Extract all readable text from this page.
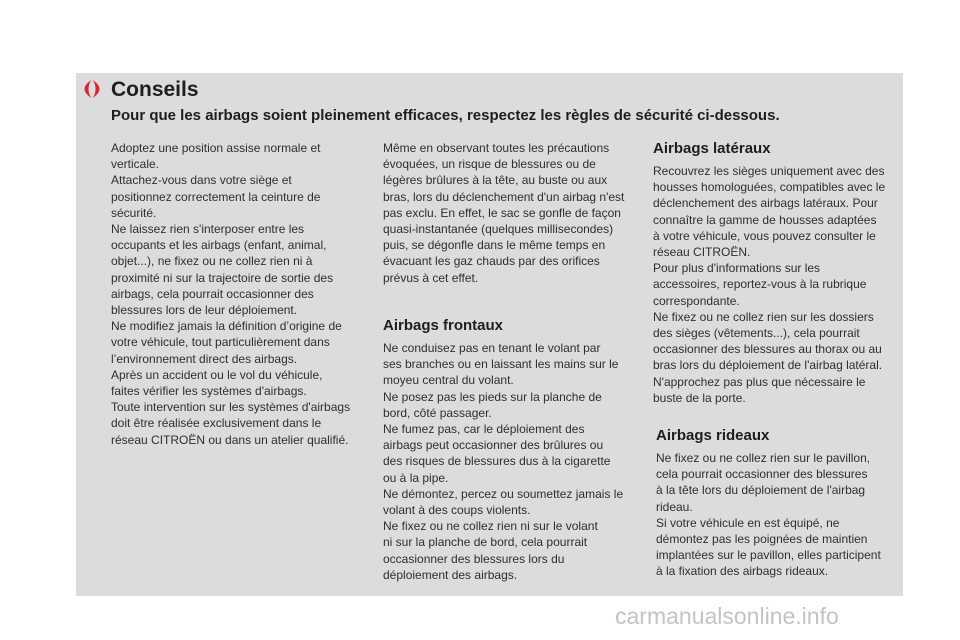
Conseils
Pour que les airbags soient pleinement efficaces, respectez les règles de sécurité ci-dessous.

Adoptez une position assise normale et

verticale.

Attachez-vous dans votre siège et

positionnez correctement la ceinture de

sécurité.

Ne laissez rien s'interposer entre les

occupants et les airbags (enfant, animal,

objet...), ne fixez ou ne collez rien ni à

proximité ni sur la trajectoire de sortie des

airbags, cela pourrait occasionner des

blessures lors de leur déploiement.

Ne modifiez jamais la définition d’origine de

votre véhicule, tout particulièrement dans

l’environnement direct des airbags.

Après un accident ou le vol du véhicule,

faites vérifier les systèmes d'airbags.

Toute intervention sur les systèmes d'airbags

doit être réalisée exclusivement dans le

réseau CITROËN ou dans un atelier qualifié.

Même en observant toutes les précautions

évoquées, un risque de blessures ou de

légères brûlures à la tête, au buste ou aux

bras, lors du déclenchement d'un airbag n'est

pas exclu. En effet, le sac se gonfle de façon

quasi-instantanée (quelques millisecondes)

puis, se dégonfle dans le même temps en

évacuant les gaz chauds par des orifices

prévus à cet effet.

Airbags frontaux

Ne conduisez pas en tenant le volant par

ses branches ou en laissant les mains sur le

moyeu central du volant.

Ne posez pas les pieds sur la planche de

bord, côté passager.

Ne fumez pas, car le déploiement des

airbags peut occasionner des brûlures ou

des risques de blessures dus à la cigarette

ou à la pipe.

Ne démontez, percez ou soumettez jamais le

volant à des coups violents.

Ne fixez ou ne collez rien ni sur le volant

ni sur la planche de bord, cela pourrait

occasionner des blessures lors du

déploiement des airbags.

Airbags latéraux

Recouvrez les sièges uniquement avec des

housses homologuées, compatibles avec le

déclenchement des airbags latéraux. Pour

connaître la gamme de housses adaptées

à votre véhicule, vous pouvez consulter le

réseau CITROËN.

Pour plus d'informations sur les

accessoires, reportez-vous à la rubrique

correspondante.

Ne fixez ou ne collez rien sur les dossiers

des sièges (vêtements...), cela pourrait

occasionner des blessures au thorax ou au

bras lors du déploiement de l'airbag latéral.

N'approchez pas plus que nécessaire le

buste de la porte.

Airbags rideaux

Ne fixez ou ne collez rien sur le pavillon,

cela pourrait occasionner des blessures

à la tête lors du déploiement de l'airbag

rideau.

Si votre véhicule en est équipé, ne

démontez pas les poignées de maintien

implantées sur le pavillon, elles participent

à la fixation des airbags rideaux.

carmanualsonline.info
